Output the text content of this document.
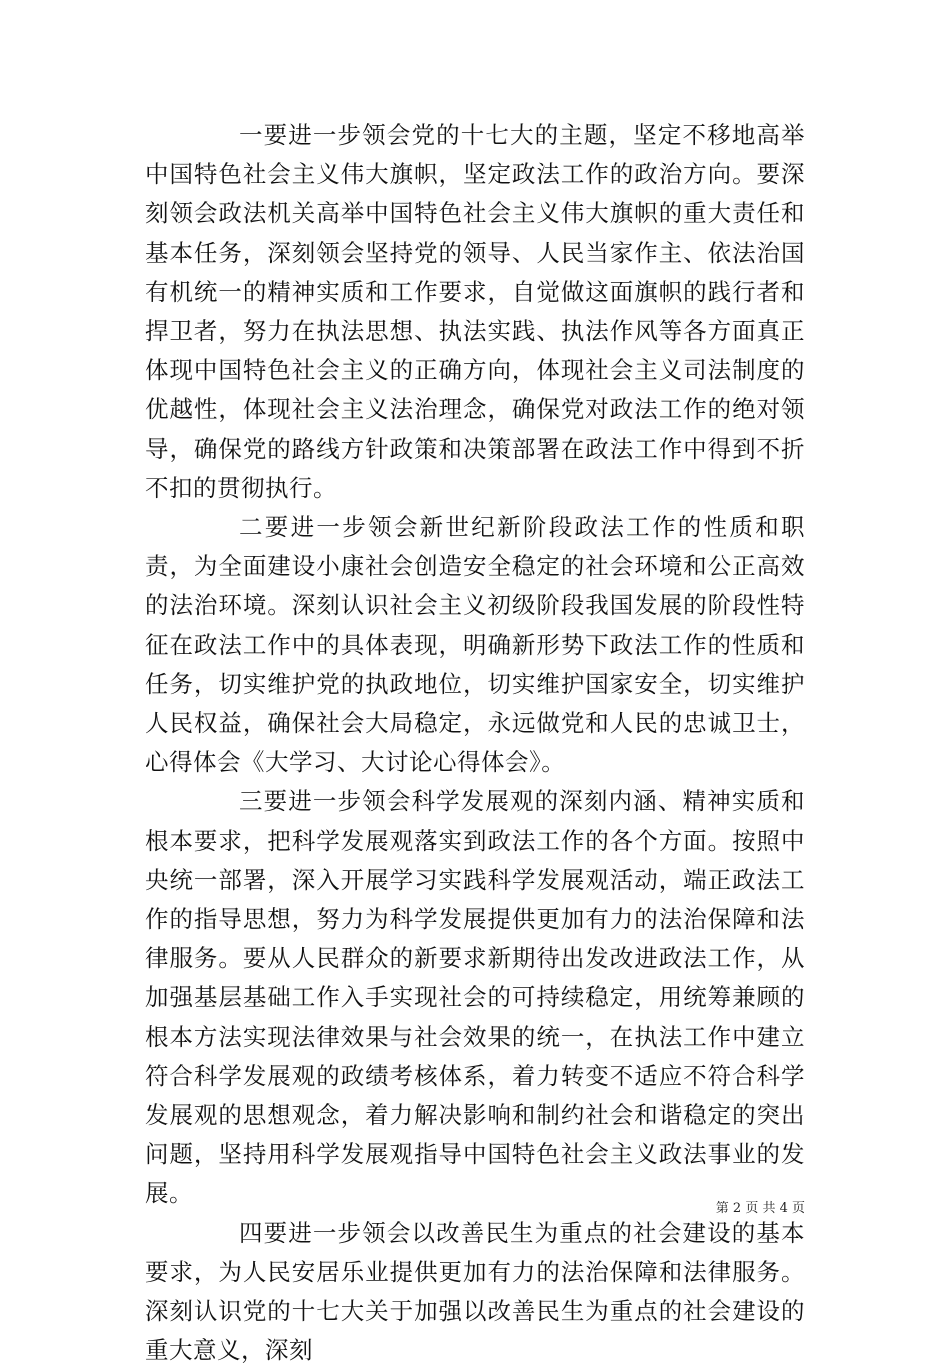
一要进一步领会党的十七大的主题，坚定不移地高举中国特色社会主义伟大旗帜，坚定政法工作的政治方向。要深刻领会政法机关高举中国特色社会主义伟大旗帜的重大责任和基本任务，深刻领会坚持党的领导、人民当家作主、依法治国有机统一的精神实质和工作要求，自觉做这面旗帜的践行者和捍卫者，努力在执法思想、执法实践、执法作风等各方面真正体现中国特色社会主义的正确方向，体现社会主义司法制度的优越性，体现社会主义法治理念，确保党对政法工作的绝对领导，确保党的路线方针政策和决策部署在政法工作中得到不折不扣的贯彻执行。

二要进一步领会新世纪新阶段政法工作的性质和职责，为全面建设小康社会创造安全稳定的社会环境和公正高效的法治环境。深刻认识社会主义初级阶段我国发展的阶段性特征在政法工作中的具体表现，明确新形势下政法工作的性质和任务，切实维护党的执政地位，切实维护国家安全，切实维护人民权益，确保社会大局稳定，永远做党和人民的忠诚卫士，心得体会《大学习、大讨论心得体会》。

三要进一步领会科学发展观的深刻内涵、精神实质和根本要求，把科学发展观落实到政法工作的各个方面。按照中央统一部署，深入开展学习实践科学发展观活动，端正政法工作的指导思想，努力为科学发展提供更加有力的法治保障和法律服务。要从人民群众的新要求新期待出发改进政法工作，从加强基层基础工作入手实现社会的可持续稳定，用统筹兼顾的根本方法实现法律效果与社会效果的统一，在执法工作中建立符合科学发展观的政绩考核体系，着力转变不适应不符合科学发展观的思想观念，着力解决影响和制约社会和谐稳定的突出问题，坚持用科学发展观指导中国特色社会主义政法事业的发展。

四要进一步领会以改善民生为重点的社会建设的基本要求，为人民安居乐业提供更加有力的法治保障和法律服务。深刻认识党的十七大关于加强以改善民生为重点的社会建设的重大意义，深刻

第 2 页 共 4 页
